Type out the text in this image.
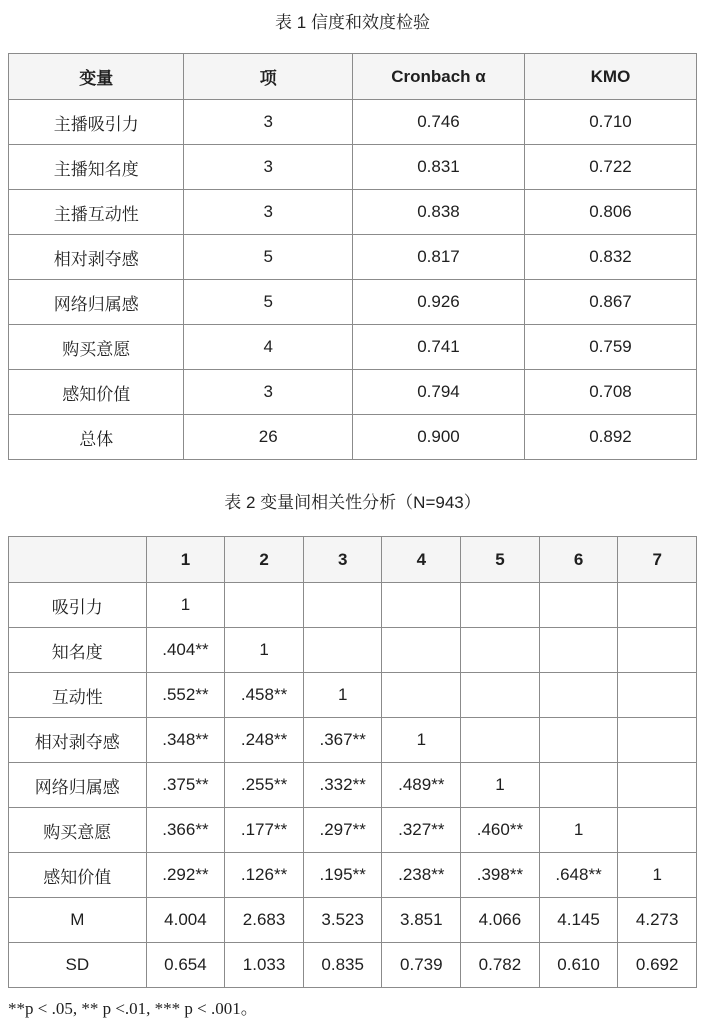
表 1 信度和效度检验
变量	项	Cronbach α	KMO
主播吸引力	3	0.746	0.710
主播知名度	3	0.831	0.722
主播互动性	3	0.838	0.806
相对剥夺感	5	0.817	0.832
网络归属感	5	0.926	0.867
购买意愿	4	0.741	0.759
感知价值	3	0.794	0.708
总体	26	0.900	0.892
表 2 变量间相关性分析（N=943）
	1	2	3	4	5	6	7
吸引力	1						
知名度	.404**	1					
互动性	.552**	.458**	1				
相对剥夺感	.348**	.248**	.367**	1			
网络归属感	.375**	.255**	.332**	.489**	1		
购买意愿	.366**	.177**	.297**	.327**	.460**	1	
感知价值	.292**	.126**	.195**	.238**	.398**	.648**	1
M	4.004	2.683	3.523	3.851	4.066	4.145	4.273
SD	0.654	1.033	0.835	0.739	0.782	0.610	0.692
**p < .05, ** p <.01, *** p < .001。
